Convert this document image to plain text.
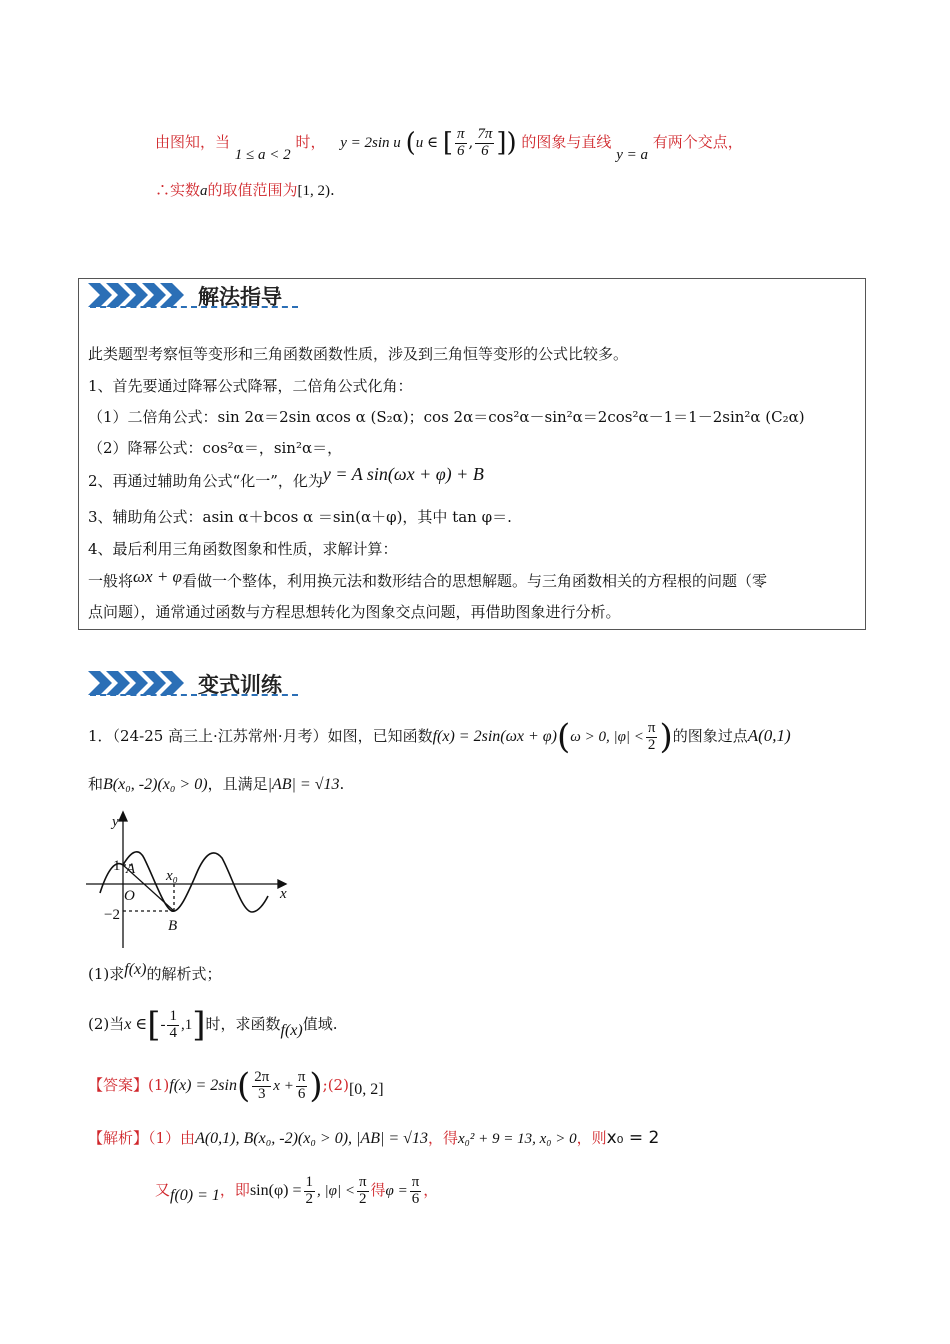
由图知，当 1 ≤ a < 2 时， y = 2sin u (u ∈ [ $\frac{\pi}{6}$ , $\frac{7\pi}{6}$ ]) 的图象与直线 y = a 有两个交点，
∴实数a的取值范围为[1, 2).
解法指导
此类题型考察恒等变形和三角函数函数性质，涉及到三角恒等变形的公式比较多。
1、首先要通过降幂公式降幂，二倍角公式化角：
（1）二倍角公式：sin 2α＝2sin αcos α (S₂α)；cos 2α＝cos²α－sin²α＝2cos²α－1＝1－2sin²α (C₂α)
（2）降幂公式：cos²α＝，sin²α＝，
2、再通过辅助角公式“化一”，化为y = A sin(ωx + φ) + B
3、辅助角公式：asin α＋bcos α ＝sin(α＋φ)，其中 tan φ＝.
4、最后利用三角函数图象和性质，求解计算：
一般将ωx + φ看做一个整体，利用换元法和数形结合的思想解题。与三角函数相关的方程根的问题（零
点问题），通常通过函数与方程思想转化为图象交点问题，再借助图象进行分析。
变式训练
1．（24-25 高三上·江苏常州·月考）如图，已知函数f(x) = 2sin(ωx + φ)(ω > 0, $|\varphi| < \frac{\pi}{2}$ )的图象过点A(0,1)
和B(x₀, -2)(x₀ > 0)，且满足|AB| = √13.
y
x
O
1 A x₀
−2
B
(1)求f(x)的解析式；
(2)当x ∈[- $\frac{1}{4} ,1$]时，求函数f(x)值域.
【答案】$(1)f(x) = 2\sin( \frac{2\pi}{3}$ $x + \frac{\pi}{6}$ );(2)[0, 2]
【解析】（1）由A(0,1), B(x₀, -2)(x₀ > 0), |AB| = √13，得x₀² + 9 = 13, x₀ > 0，则x₀ = 2
又f(0) = 1，即$\sin(\varphi) = \frac{1}{2}$ , $|\varphi| < \frac{\pi}{2}$ 得$\varphi = \frac{\pi}{6}$ ，
